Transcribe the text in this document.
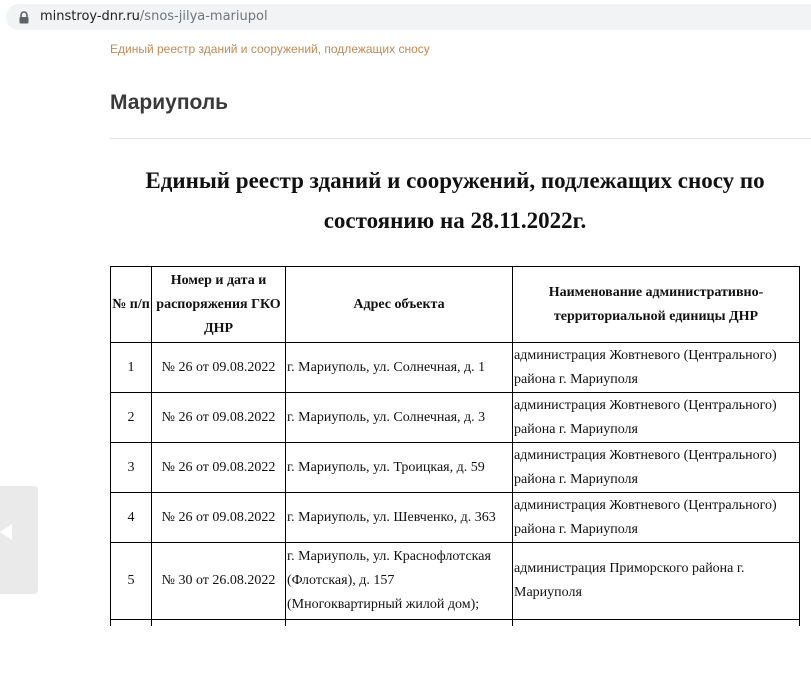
minstroy-dnr.ru/snos-jilya-mariupol
Единый реестр зданий и сооружений, подлежащих сносу
Мариуполь
Единый реестр зданий и сооружений, подлежащих сносу по
состоянию на 28.11.2022г.
№ п/п	Номер и дата и распоряжения ГКО ДНР	Адрес объекта	Наименование административно-территориальной единицы ДНР
1	№ 26 от 09.08.2022	г. Мариуполь, ул. Солнечная, д. 1	администрация Жовтневого (Центрального) района г. Мариуполя
2	№ 26 от 09.08.2022	г. Мариуполь, ул. Солнечная, д. 3	администрация Жовтневого (Центрального) района г. Мариуполя
3	№ 26 от 09.08.2022	г. Мариуполь, ул. Троицкая, д. 59	администрация Жовтневого (Центрального) района г. Мариуполя
4	№ 26 от 09.08.2022	г. Мариуполь, ул. Шевченко, д. 363	администрация Жовтневого (Центрального) района г. Мариуполя
5	№ 30 от 26.08.2022	г. Мариуполь, ул. Краснофлотская (Флотская), д. 157 (Многоквартирный жилой дом);	администрация Приморского района г. Мариуполя
